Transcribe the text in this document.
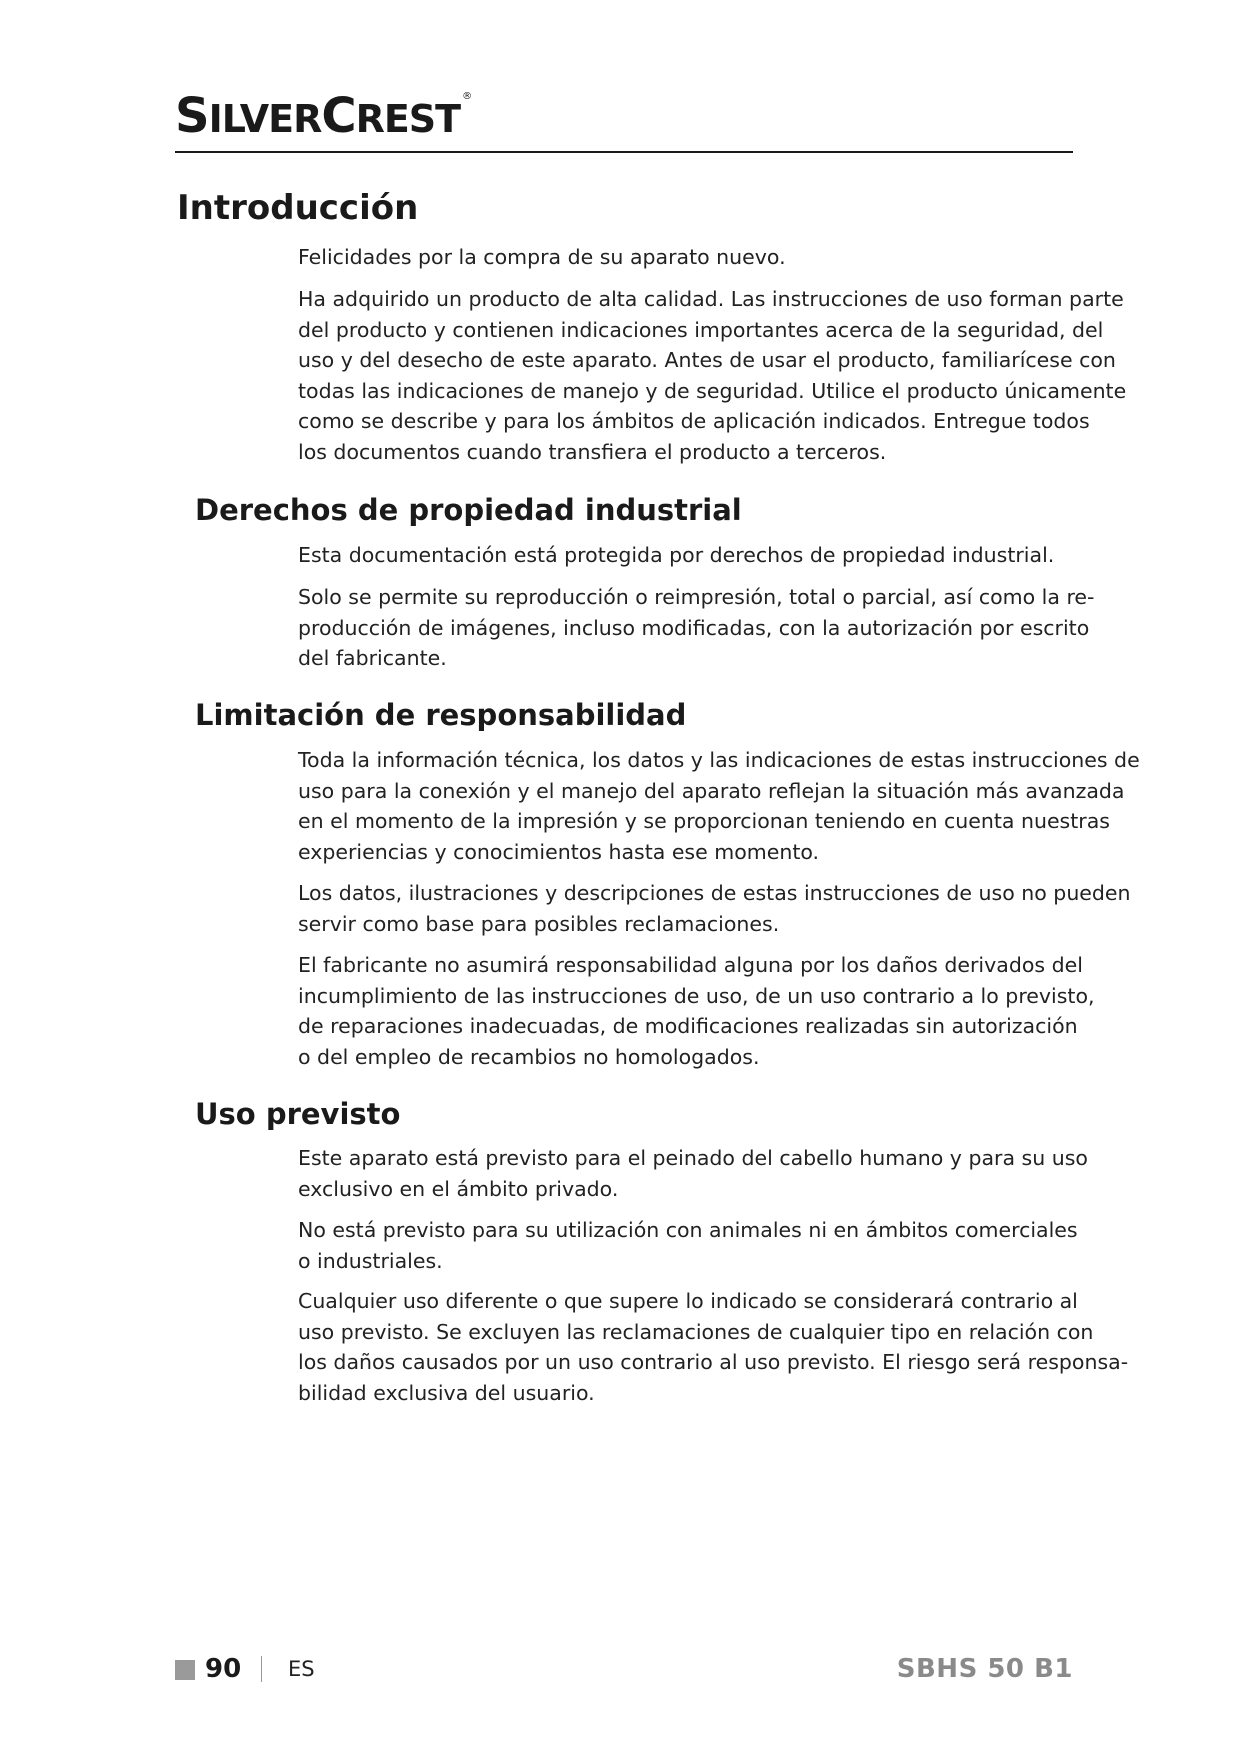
SILVERCREST®
Introducción

Felicidades por la compra de su aparato nuevo.

Ha adquirido un producto de alta calidad. Las instrucciones de uso forman parte
del producto y contienen indicaciones importantes acerca de la seguridad, del
uso y del desecho de este aparato. Antes de usar el producto, familiarícese con
todas las indicaciones de manejo y de seguridad. Utilice el producto únicamente
como se describe y para los ámbitos de aplicación indicados. Entregue todos
los documentos cuando transfiera el producto a terceros.

Derechos de propiedad industrial

Esta documentación está protegida por derechos de propiedad industrial.

Solo se permite su reproducción o reimpresión, total o parcial, así como la re-
producción de imágenes, incluso modificadas, con la autorización por escrito
del fabricante.

Limitación de responsabilidad

Toda la información técnica, los datos y las indicaciones de estas instrucciones de
uso para la conexión y el manejo del aparato reflejan la situación más avanzada
en el momento de la impresión y se proporcionan teniendo en cuenta nuestras
experiencias y conocimientos hasta ese momento.

Los datos, ilustraciones y descripciones de estas instrucciones de uso no pueden
servir como base para posibles reclamaciones.

El fabricante no asumirá responsabilidad alguna por los daños derivados del
incumplimiento de las instrucciones de uso, de un uso contrario a lo previsto,
de reparaciones inadecuadas, de modificaciones realizadas sin autorización
o del empleo de recambios no homologados.

Uso previsto

Este aparato está previsto para el peinado del cabello humano y para su uso
exclusivo en el ámbito privado.

No está previsto para su utilización con animales ni en ámbitos comerciales
o industriales.

Cualquier uso diferente o que supere lo indicado se considerará contrario al
uso previsto. Se excluyen las reclamaciones de cualquier tipo en relación con
los daños causados por un uso contrario al uso previsto. El riesgo será responsa-
bilidad exclusiva del usuario.

90 ES	SBHS 50 B1
